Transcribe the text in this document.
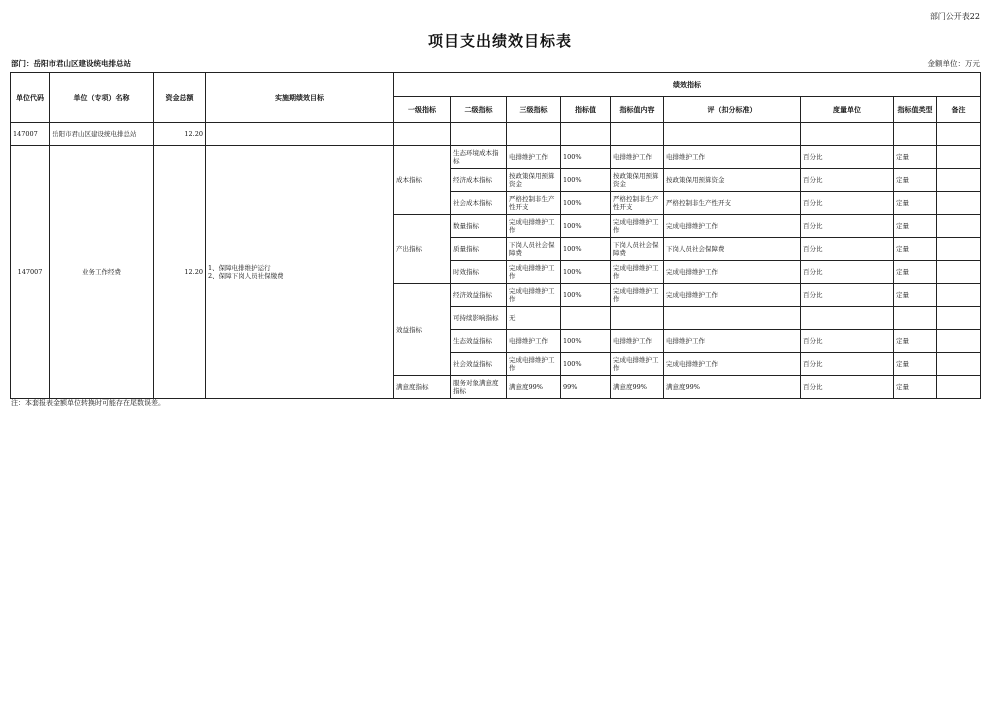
部门公开表22
项目支出绩效目标表
部门：岳阳市君山区建设统电排总站	金额单位：万元
单位代码	单位（专项）名称	资金总额	实施期绩效目标	绩效指标								
				一级指标	二级指标	三级指标	指标值	指标值内容	评（扣分标准）	度量单位	指标值类型	备注
147007	岳阳市君山区建设统电排总站	12.20										
147007	业务工作经费	12.20	1、保障电排维护运行
2、保障下岗人员社保缴费	成本指标	生态环境成本指标	电排维护工作	100%	电排维护工作	电排维护工作	百分比	定量	
					经济成本指标	按政策保用预算资金	100%	按政策保用预算资金	按政策保用预算资金	百分比	定量	
					社会成本指标	严格控制非生产性开支	100%	严格控制非生产性开支	严格控制非生产性开支	百分比	定量	
				产出指标	数量指标	完成电排维护工作	100%	完成电排维护工作	完成电排维护工作	百分比	定量	
					质量指标	下岗人员社会保障费	100%	下岗人员社会保障费	下岗人员社会保障费	百分比	定量	
					时效指标	完成电排维护工作	100%	完成电排维护工作	完成电排维护工作	百分比	定量	
				效益指标	经济效益指标	完成电排维护工作	100%	完成电排维护工作	完成电排维护工作	百分比	定量	
					可持续影响指标	无						
					生态效益指标	电排维护工作	100%	电排维护工作	电排维护工作	百分比	定量	
					社会效益指标	完成电排维护工作	100%	完成电排维护工作	完成电排维护工作	百分比	定量	
				满意度指标	服务对象满意度指标	满意度99%	99%	满意度99%	满意度99%	百分比	定量	
注：本套报表金额单位转换时可能存在尾数误差。
